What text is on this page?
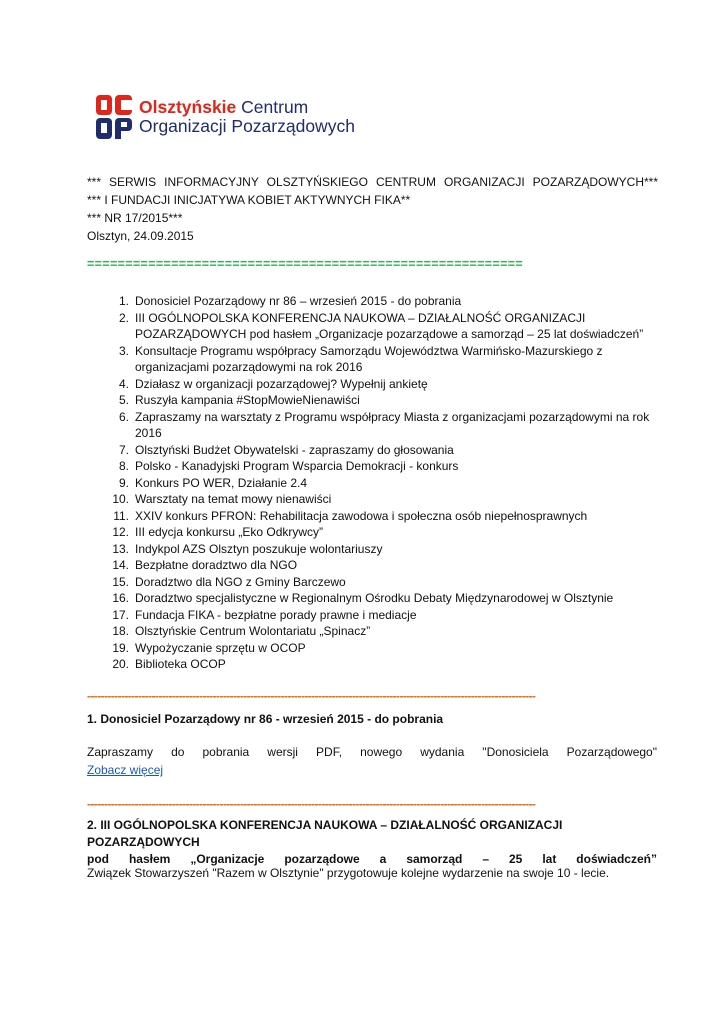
Olsztyńskie Centrum
Organizacji Pozarządowych
*** SERWIS INFORMACYJNY OLSZTYŃSKIEGO CENTRUM ORGANIZACJI POZARZĄDOWYCH***
*** I FUNDACJI INICJATYWA KOBIET AKTYWNYCH FIKA**
*** NR 17/2015***
Olsztyn, 24.09.2015
=========================================================
1. Donosiciel Pozarządowy nr 86 – wrzesień 2015 - do pobrania
2. III OGÓLNOPOLSKA KONFERENCJA NAUKOWA – DZIAŁALNOŚĆ ORGANIZACJI POZARZĄDOWYCH pod hasłem „Organizacje pozarządowe a samorząd – 25 lat doświadczeń”
3. Konsultacje Programu współpracy Samorządu Województwa Warmińsko-Mazurskiego z organizacjami pozarządowymi na rok 2016
4. Działasz w organizacji pozarządowej? Wypełnij ankietę
5. Ruszyła kampania #StopMowieNienawiści
6. Zapraszamy na warsztaty z Programu współpracy Miasta z organizacjami pozarządowymi na rok 2016
7. Olsztyński Budżet Obywatelski - zapraszamy do głosowania
8. Polsko - Kanadyjski Program Wsparcia Demokracji - konkurs
9. Konkurs PO WER, Działanie 2.4
10. Warsztaty na temat mowy nienawiści
11. XXIV konkurs PFRON: Rehabilitacja zawodowa i społeczna osób niepełnosprawnych
12. III edycja konkursu „Eko Odkrywcy”
13. Indykpol AZS Olsztyn poszukuje wolontariuszy
14. Bezpłatne doradztwo dla NGO
15. Doradztwo dla NGO z Gminy Barczewo
16. Doradztwo specjalistyczne w Regionalnym Ośrodku Debaty Międzynarodowej w Olsztynie
17. Fundacja FIKA - bezpłatne porady prawne i mediacje
18. Olsztyńskie Centrum Wolontariatu „Spinacz”
19. Wypożyczanie sprzętu w OCOP
20. Biblioteka OCOP
------------------------------------------------------------------------------------------------------------------------------------
1. Donosiciel Pozarządowy nr 86 - wrzesień 2015 - do pobrania
Zapraszamy do pobrania wersji PDF, nowego wydania "Donosiciela Pozarządowego"
Zobacz więcej
------------------------------------------------------------------------------------------------------------------------------------
2. III OGÓLNOPOLSKA KONFERENCJA NAUKOWA – DZIAŁALNOŚĆ ORGANIZACJI POZARZĄDOWYCH
pod hasłem „Organizacje pozarządowe a samorząd – 25 lat doświadczeń”
Związek Stowarzyszeń "Razem w Olsztynie" przygotowuje kolejne wydarzenie na swoje 10 - lecie.
